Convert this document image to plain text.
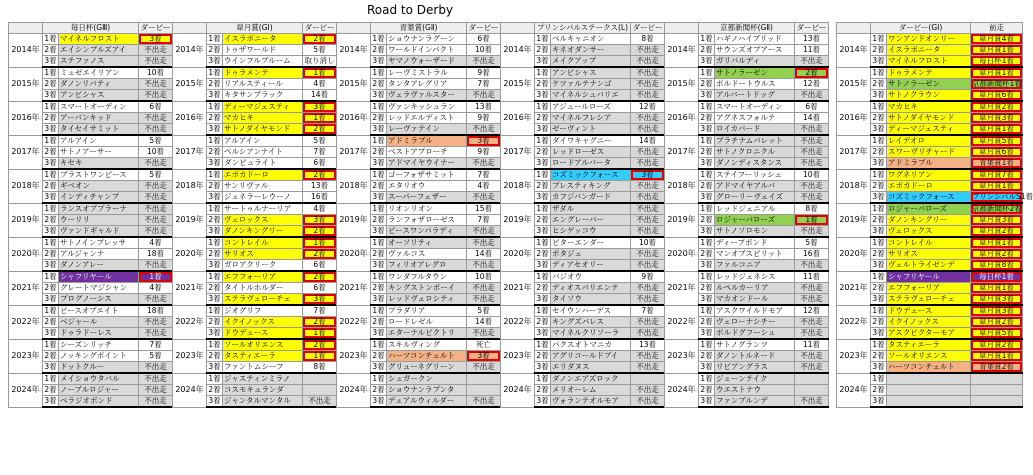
Road to Derby
	毎日杯(GⅢ)		ダービー
2014年	1着	マイネルフロスト	3着
	2着	エイシンブルズアイ	不出走
	3着	ステファノス	不出走
2015年	1着	ミュゼエイリアン	10着
	2着	ダノンリバティ	不出走
	3着	アンビシャス	不出走
2016年	1着	スマートオーディン	6着
	2着	アーバンキッド	不出走
	3着	タイセイサミット	不出走
2017年	1着	アルアイン	5着
	2着	サトノアーサー	10着
	3着	キセキ	不出走
2018年	1着	ブラストワンピース	5着
	2着	ギベオン	不出走
	3着	インディチャンプ	不出走
2019年	1着	ランスオブプラーナ	不出走
	2着	ウーリリ	不出走
	3着	ヴァンドギャルド	不出走
2020年	1着	サトノインプレッサ	4着
	2着	アルジャンナ	18着
	3着	ダノンアレー	不出走
2021年	1着	シャフリヤール	1着
	2着	グレートマジシャン	4着
	3着	プログノーシス	不出走
2022年	1着	ピースオブエイト	18着
	2着	ベジャール	不出走
	3着	ドゥラドーレス	不出走
2023年	1着	シーズンリッチ	7着
	2着	ノッキングポイント	5着
	3着	ドットクルー	不出走
2024年	1着	メイショウタバル	不出走
	2着	ノーブルロジャー	不出走
	3着	ベラジオボンド	不出走
	皐月賞(GⅠ)		ダービー
2014年	1着	イスラボニータ	2着
	2着	トゥザワールド	5着
	3着	ウインフルブルーム	取り消し
2015年	1着	ドゥラメンテ	1着
	2着	リアルスティール	4着
	3着	キタサンブラック	14着
2016年	1着	ディーマジェスティ	3着
	2着	マカヒキ	1着
	3着	サトノダイヤモンド	2着
2017年	1着	アルアイン	5着
	2着	ペルシアンナイト	7着
	3着	ダンビュライト	6着
2018年	1着	エポカドーロ	2着
	2着	サンリヴァル	13着
	3着	ジェネラーレウーノ	16着
2019年	1着	サートゥルナーリア	4着
	2着	ヴェロックス	3着
	3着	ダノンキングリー	2着
2020年	1着	コントレイル	1着
	2着	サリオス	2着
	3着	ガロアクリーク	6着
2021年	1着	エフフォーリア	2着
	2着	タイトルホルダー	6着
	3着	ステラヴェローチェ	3着
2022年	1着	ジオグリフ	7着
	2着	イクイノックス	2着
	3着	ドウデュース	1着
2023年	1着	ソールオリエンス	2着
	2着	タスティエーラ	1着
	3着	ファントムシーフ	8着
2024年	1着	ジャスティンミラノ	
	2着	コスモキュランダ	
	3着	ジャンタルマンタル	不出走
	青葉賞(GⅡ)		ダービー
2014年	1着	ショウナンラグーン	6着
	2着	ワールドインパクト	10着
	3着	ヤマノウォーザード	不出走
2015年	1着	レーヴミストラル	9着
	2着	タンタアレグリア	7着
	3着	ヴェラヴァルスター	不出走
2016年	1着	ヴァンキッシュラン	13着
	2着	レッドエルディスト	9着
	3着	レーヴァテイン	不出走
2017年	1着	アドミラブル	3着
	2着	ベストアプローチ	9着
	3着	アドマイヤウイナー	不出走
2018年	1着	ゴーフォザサミット	7着
	2着	エタリオウ	4着
	3着	スーパーフェザー	不出走
2019年	1着	リオンリオン	15着
	2着	ランフォザローゼス	7着
	3着	ピースワンパラディ	不出走
2020年	1着	オーソリティ	不出走
	2着	ヴァルコス	14着
	3着	フィリオアレグロ	不出走
2021年	1着	ワンダフルタウン	10着
	2着	キングストンボーイ	不出走
	3着	レッドヴェロシティ	不出走
2022年	1着	プラダリア	5着
	2着	ロードレゼル	14着
	3着	エターナルビクトリ	不出走
2023年	1着	スキルヴィング	死亡
	2着	ハーツコンチェルト	3着
	3着	グリューネグリーン	不出走
2024年	1着	シュガークン	
	2着	ショウナンラプンタ	
	3着	デュアルウィルダー	不出走
	プリンシパルステークス(L)		ダービー
2014年	1着	ベルキャニオン	8着
	2着	キネオダンサー	不出走
	3着	メイクアップ	不出走
2015年	1着	アンビシャス	不出走
	2着	ケツァルテナンゴ	不出走
	3着	マイネルシュバリエ	不出走
2016年	1着	アジュールローズ	12着
	2着	マイネルフレシア	不出走
	3着	ゼーヴィント	不出走
2017年	1着	ダイワキャグニー	14着
	2着	レッドローゼス	不出走
	3着	ロードアルバータ	不出走
2018年	1着	コズミックフォース	3着
	2着	ブレスティキング	不出走
	3着	カフジバンガード	不出走
2019年	1着	ザダル	不出走
	2着	エングレーバー	不出走
	3着	ヒシゲッコウ	不出走
2020年	1着	ビターエンダー	10着
	2着	ポタジェ	不出走
	3着	ディアセオリー	不出走
2021年	1着	バジオウ	9着
	2着	ディオスバリエンテ	不出走
	3着	タイソウ	不出走
2022年	1着	セイウンハーデス	7着
	2着	キングズパレス	不出走
	3着	マイネルクリソーラ	不出走
2023年	1着	パクスオトマニカ	13着
	2着	アグリコールドブイ	不出走
	3着	エリダヌス	不出走
2024年	1着	ダノンエアズロック	
	2着	メリオーレム	不出走
	3着	ヴォランテオルモア	不出走
	京都新聞杯(GⅡ)		ダービー
2014年	1着	ハギノハイブリッド	13着
	2着	サウンズオブアース	11着
	3着	ガリバルディ	不出走
2015年	1着	サトノラーゼン	2着
	2着	ポルドートウルス	12着
	3着	アルバートドッグ	不出走
2016年	1着	スマートオーディン	6着
	2着	アグネスフォルテ	14着
	3着	ロイカバード	不出走
2017年	1着	プラチナムバレット	不出走
	2着	サトノクロニクル	不出走
	3着	ダノンディスタンス	不出走
2018年	1着	ステイフーリッシュ	10着
	2着	アドマイヤアルバ	不出走
	3着	グローリーヴェイズ	不出走
2019年	1着	レッドジェニアル	8着
	2着	ロジャーバローズ	1着
	3着	サトノソロモン	不出走
2020年	1着	ディープボンド	5着
	2着	マンオブスピリット	16着
	3着	ファルコニア	不出走
2021年	1着	レッドジェネシス	11着
	2着	ルペルカーリア	不出走
	3着	マカオンドール	不出走
2022年	1着	アスクワイルドモア	12着
	2着	ヴェローナシチー	不出走
	3着	ボルドグフーシュ	不出走
2023年	1着	サトノグランツ	11着
	2着	ダノントルネード	不出走
	3着	リビアングラス	不出走
2024年	1着	ジューンテイク	
	2着	ウエストナウ	
	3着	ファンブルンデ	不出走
	ダービー(GⅠ)		前走
2014年	1着	ワンアンドオンリー	皐月賞4着
	2着	イスラボニータ	皐月賞1着
	3着	マイネルフロスト	毎日杯1着
2015年	1着	ドゥラメンテ	皐月賞1着
	2着	サトノラーゼン	京都新聞杯1着
	3着	サトノクラウン	皐月賞6着
2016年	1着	マカヒキ	皐月賞2着
	2着	サトノダイヤモンド	皐月賞3着
	3着	ディーマジェスティ	皐月賞1着
2017年	1着	レイデオロ	皐月賞5着
	2着	スワーヴリチャード	皐月賞6着
	3着	アドミラブル	青葉賞1着
2018年	1着	ワグネリアン	皐月賞7着
	2着	エポカドーロ	皐月賞1着
	3着	コズミックフォース	プリンシパルS1着
2019年	1着	ロジャーバローズ	京都新聞杯2着
	2着	ダノンキングリー	皐月賞3着
	3着	ヴェロックス	皐月賞2着
2020年	1着	コントレイル	皐月賞1着
	2着	サリオス	皐月賞2着
	3着	ヴェルトライゼンデ	皐月賞8着
2021年	1着	シャフリヤール	毎日杯1着
	2着	エフフォーリア	皐月賞1着
	3着	ステラヴェローチェ	皐月賞3着
2022年	1着	ドウデュース	皐月賞3着
	2着	イクイノックス	皐月賞2着
	3着	アスクビクターモア	皐月賞5着
2023年	1着	タスティエーラ	皐月賞2着
	2着	ソールオリエンス	皐月賞1着
	3着	ハーツコンチェルト	青葉賞2着
2024年	1着		
	2着		
	3着		
